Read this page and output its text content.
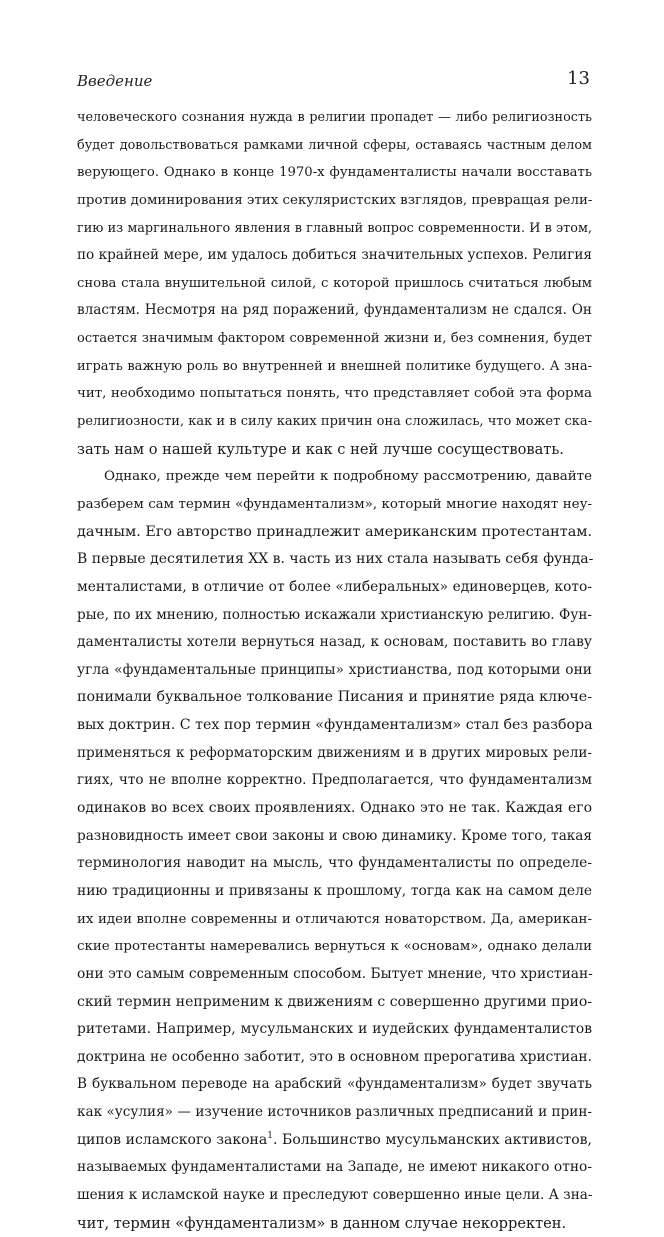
Введение	13
человеческого сознания нужда в религии пропадет — либо религиозность
будет довольствоваться рамками личной сферы, оставаясь частным делом
верующего. Однако в конце 1970-х фундаменталисты начали восставать
против доминирования этих секуляристских взглядов, превращая рели-
гию из маргинального явления в главный вопрос современности. И в этом,
по крайней мере, им удалось добиться значительных успехов. Религия
снова стала внушительной силой, с которой пришлось считаться любым
властям. Несмотря на ряд поражений, фундаментализм не сдался. Он
остается значимым фактором современной жизни и, без сомнения, будет
играть важную роль во внутренней и внешней политике будущего. А зна-
чит, необходимо попытаться понять, что представляет собой эта форма
религиозности, как и в силу каких причин она сложилась, что может ска-
зать нам о нашей культуре и как с ней лучше сосуществовать.
Однако, прежде чем перейти к подробному рассмотрению, давайте
разберем сам термин «фундаментализм», который многие находят неу-
дачным. Его авторство принадлежит американским протестантам.
В первые десятилетия XX в. часть из них стала называть себя фунда-
менталистами, в отличие от более «либеральных» единоверцев, кото-
рые, по их мнению, полностью искажали христианскую религию. Фун-
даменталисты хотели вернуться назад, к основам, поставить во главу
угла «фундаментальные принципы» христианства, под которыми они
понимали буквальное толкование Писания и принятие ряда ключе-
вых доктрин. С тех пор термин «фундаментализм» стал без разбора
применяться к реформаторским движениям и в других мировых рели-
гиях, что не вполне корректно. Предполагается, что фундаментализм
одинаков во всех своих проявлениях. Однако это не так. Каждая его
разновидность имеет свои законы и свою динамику. Кроме того, такая
терминология наводит на мысль, что фундаменталисты по определе-
нию традиционны и привязаны к прошлому, тогда как на самом деле
их идеи вполне современны и отличаются новаторством. Да, американ-
ские протестанты намеревались вернуться к «основам», однако делали
они это самым современным способом. Бытует мнение, что христиан-
ский термин неприменим к движениям с совершенно другими прио-
ритетами. Например, мусульманских и иудейских фундаменталистов
доктрина не особенно заботит, это в основном прерогатива христиан.
В буквальном переводе на арабский «фундаментализм» будет звучать
как «усулия» — изучение источников различных предписаний и прин-
ципов исламского закона$^1$. Большинство мусульманских активистов,
называемых фундаменталистами на Западе, не имеют никакого отно-
шения к исламской науке и преследуют совершенно иные цели. А зна-
чит, термин «фундаментализм» в данном случае некорректен.
